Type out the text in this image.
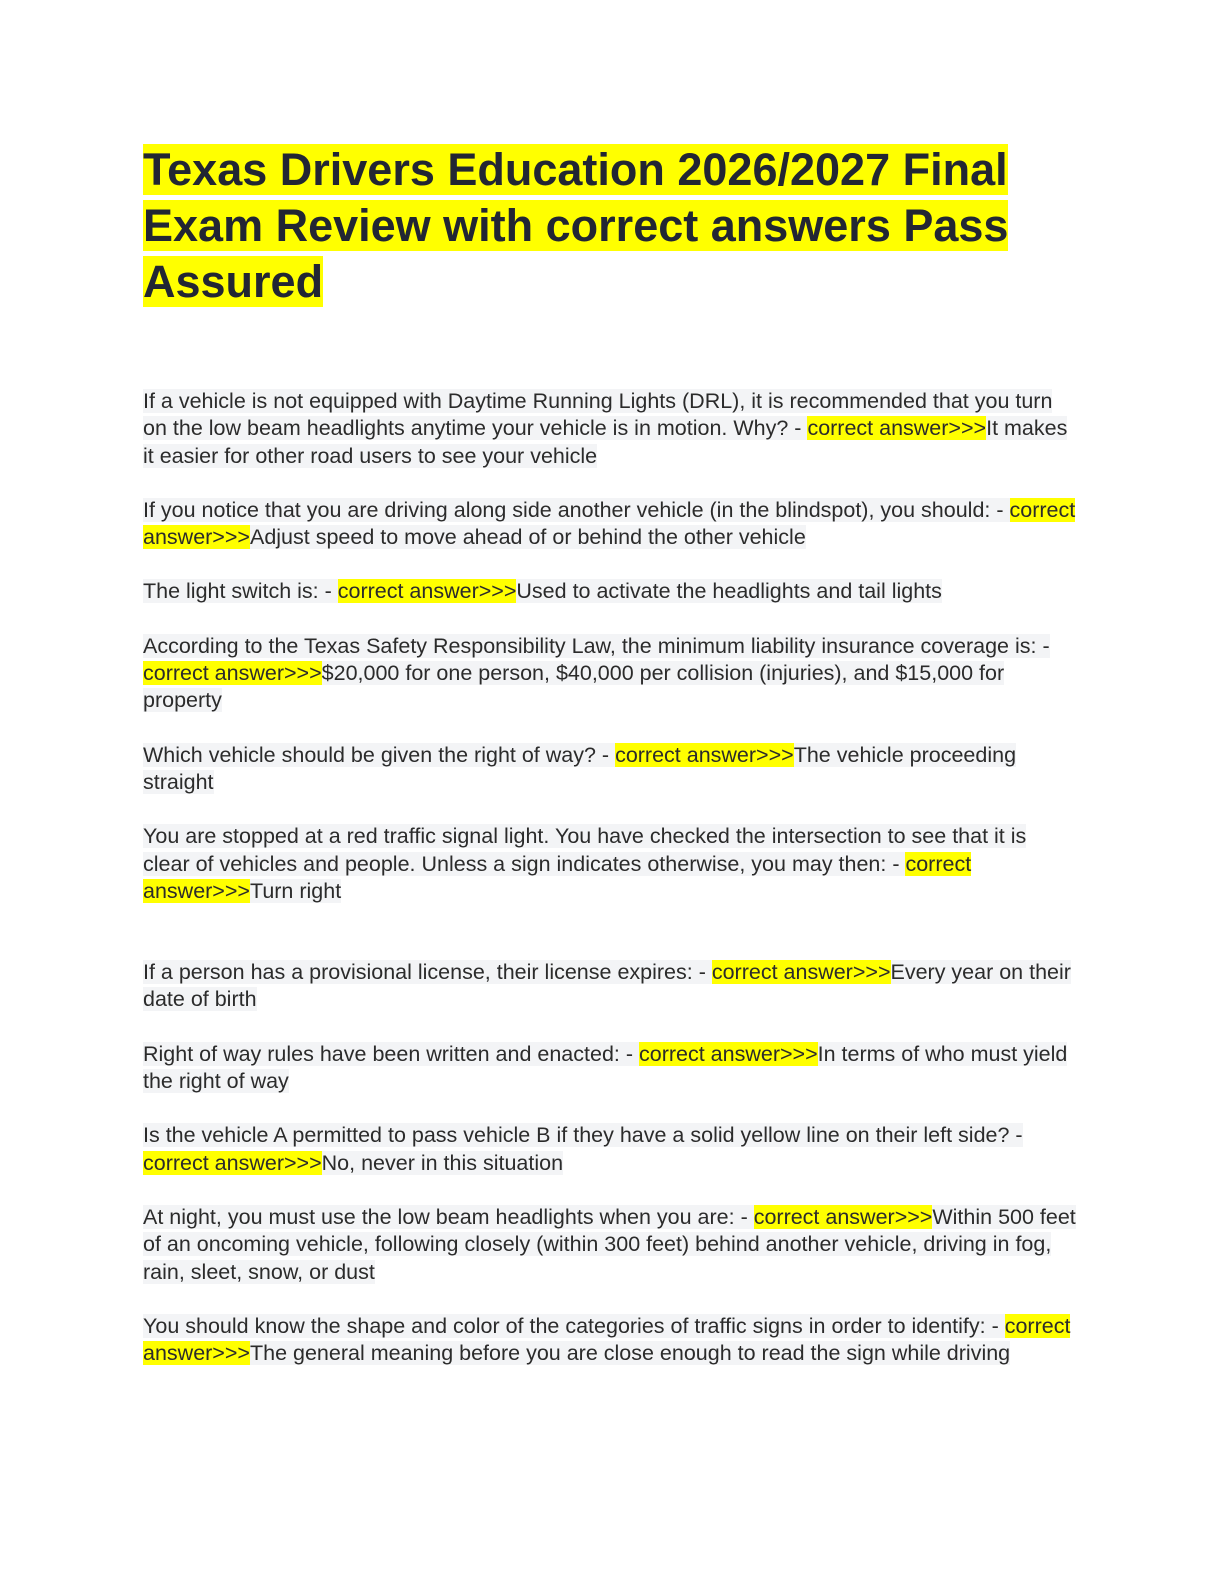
Texas Drivers Education 2026/2027 Final Exam Review with correct answers Pass Assured

If a vehicle is not equipped with Daytime Running Lights (DRL), it is recommended that you turn on the low beam headlights anytime your vehicle is in motion. Why? - correct answer>>>It makes it easier for other road users to see your vehicle

If you notice that you are driving along side another vehicle (in the blindspot), you should: - correct answer>>>Adjust speed to move ahead of or behind the other vehicle

The light switch is: - correct answer>>>Used to activate the headlights and tail lights

According to the Texas Safety Responsibility Law, the minimum liability insurance coverage is: - correct answer>>>$20,000 for one person, $40,000 per collision (injuries), and $15,000 for property

Which vehicle should be given the right of way? - correct answer>>>The vehicle proceeding straight

You are stopped at a red traffic signal light. You have checked the intersection to see that it is clear of vehicles and people. Unless a sign indicates otherwise, you may then: - correct answer>>>Turn right

If a person has a provisional license, their license expires: - correct answer>>>Every year on their date of birth

Right of way rules have been written and enacted: - correct answer>>>In terms of who must yield the right of way

Is the vehicle A permitted to pass vehicle B if they have a solid yellow line on their left side? - correct answer>>>No, never in this situation

At night, you must use the low beam headlights when you are: - correct answer>>>Within 500 feet of an oncoming vehicle, following closely (within 300 feet) behind another vehicle, driving in fog, rain, sleet, snow, or dust

You should know the shape and color of the categories of traffic signs in order to identify: - correct answer>>>The general meaning before you are close enough to read the sign while driving
